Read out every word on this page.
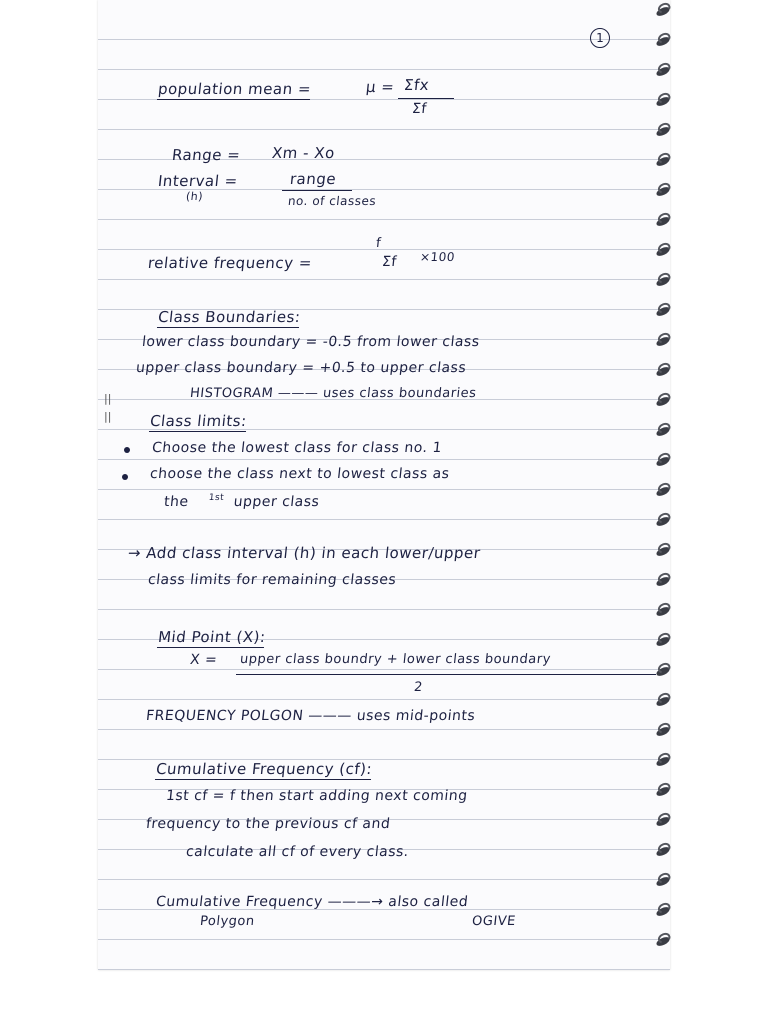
1
population mean =	μ = Σfx
Σf
Range = Xm - Xo
Interval =
(h)
range
no. of classes
relative frequency =
f
Σf ×100
Class Boundaries:
lower class boundary = -0.5 from lower class
upper class boundary = +0.5 to upper class
HISTOGRAM ——— uses class boundaries
||
||	Class limits:
Choose the lowest class for class no. 1
choose the class next to lowest class as
the $^{1st}$ upper class
→ Add class interval (h) in each lower/upper
class limits for remaining classes
Mid Point (X):
X = upper class boundry + lower class boundary
2
FREQUENCY POLGON ——— uses mid-points
Cumulative Frequency (cf):
1st cf = f then start adding next coming
frequency to the previous cf and
calculate all cf of every class.
Cumulative Frequency ———→ also called
Polygon	OGIVE
